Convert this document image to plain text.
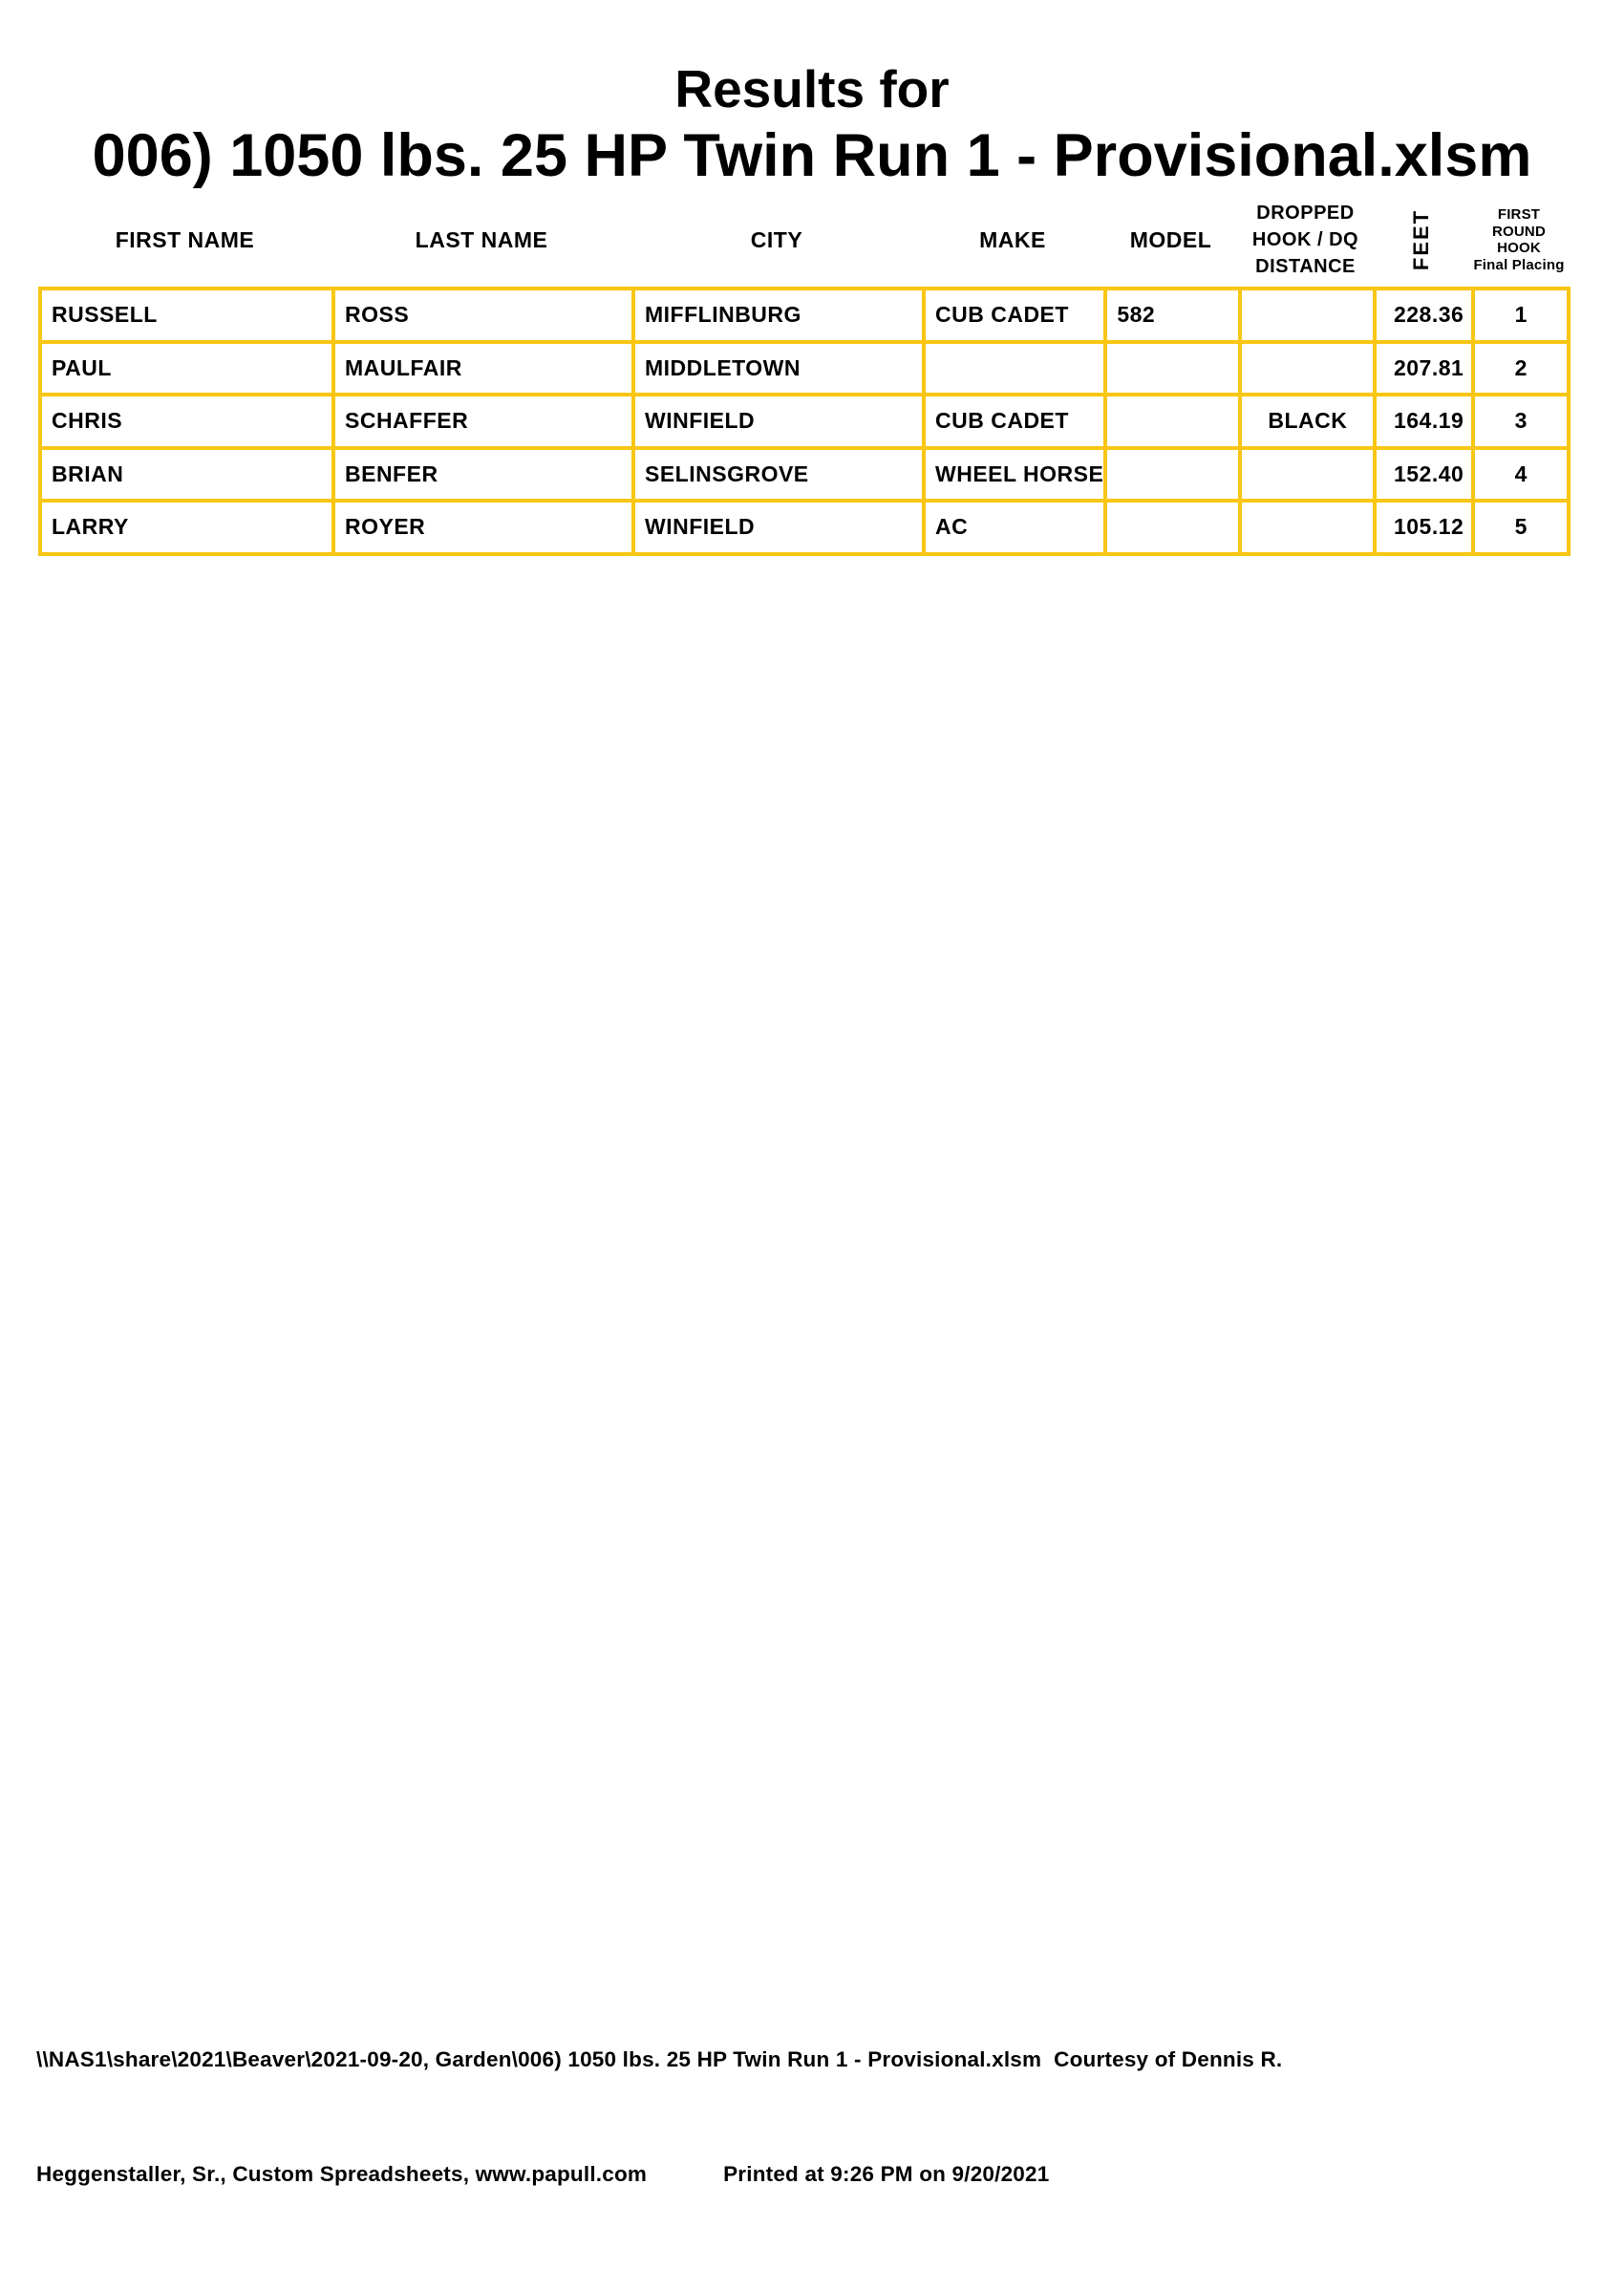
Results for
006) 1050 lbs. 25 HP Twin Run 1 - Provisional.xlsm
FIRST NAME	LAST NAME	CITY	MAKE	MODEL
DROPPED
HOOK / DQ
DISTANCE	FEET	FIRST ROUND
HOOK
Final Placing
RUSSELL	ROSS	MIFFLINBURG	CUB CADET	582		228.36	1
PAUL	MAULFAIR	MIDDLETOWN				207.81	2
CHRIS	SCHAFFER	WINFIELD	CUB CADET		BLACK	164.19	3
BRIAN	BENFER	SELINSGROVE	WHEEL HORSE			152.40	4
LARRY	ROYER	WINFIELD	AC			105.12	5

\\NAS1\share\2021\Beaver\2021-09-20, Garden\006) 1050 lbs. 25 HP Twin Run 1 - Provisional.xlsm  Courtesy of Dennis R.

Heggenstaller, Sr., Custom Spreadsheets, www.papull.com	Printed at 9:26 PM on 9/20/2021
